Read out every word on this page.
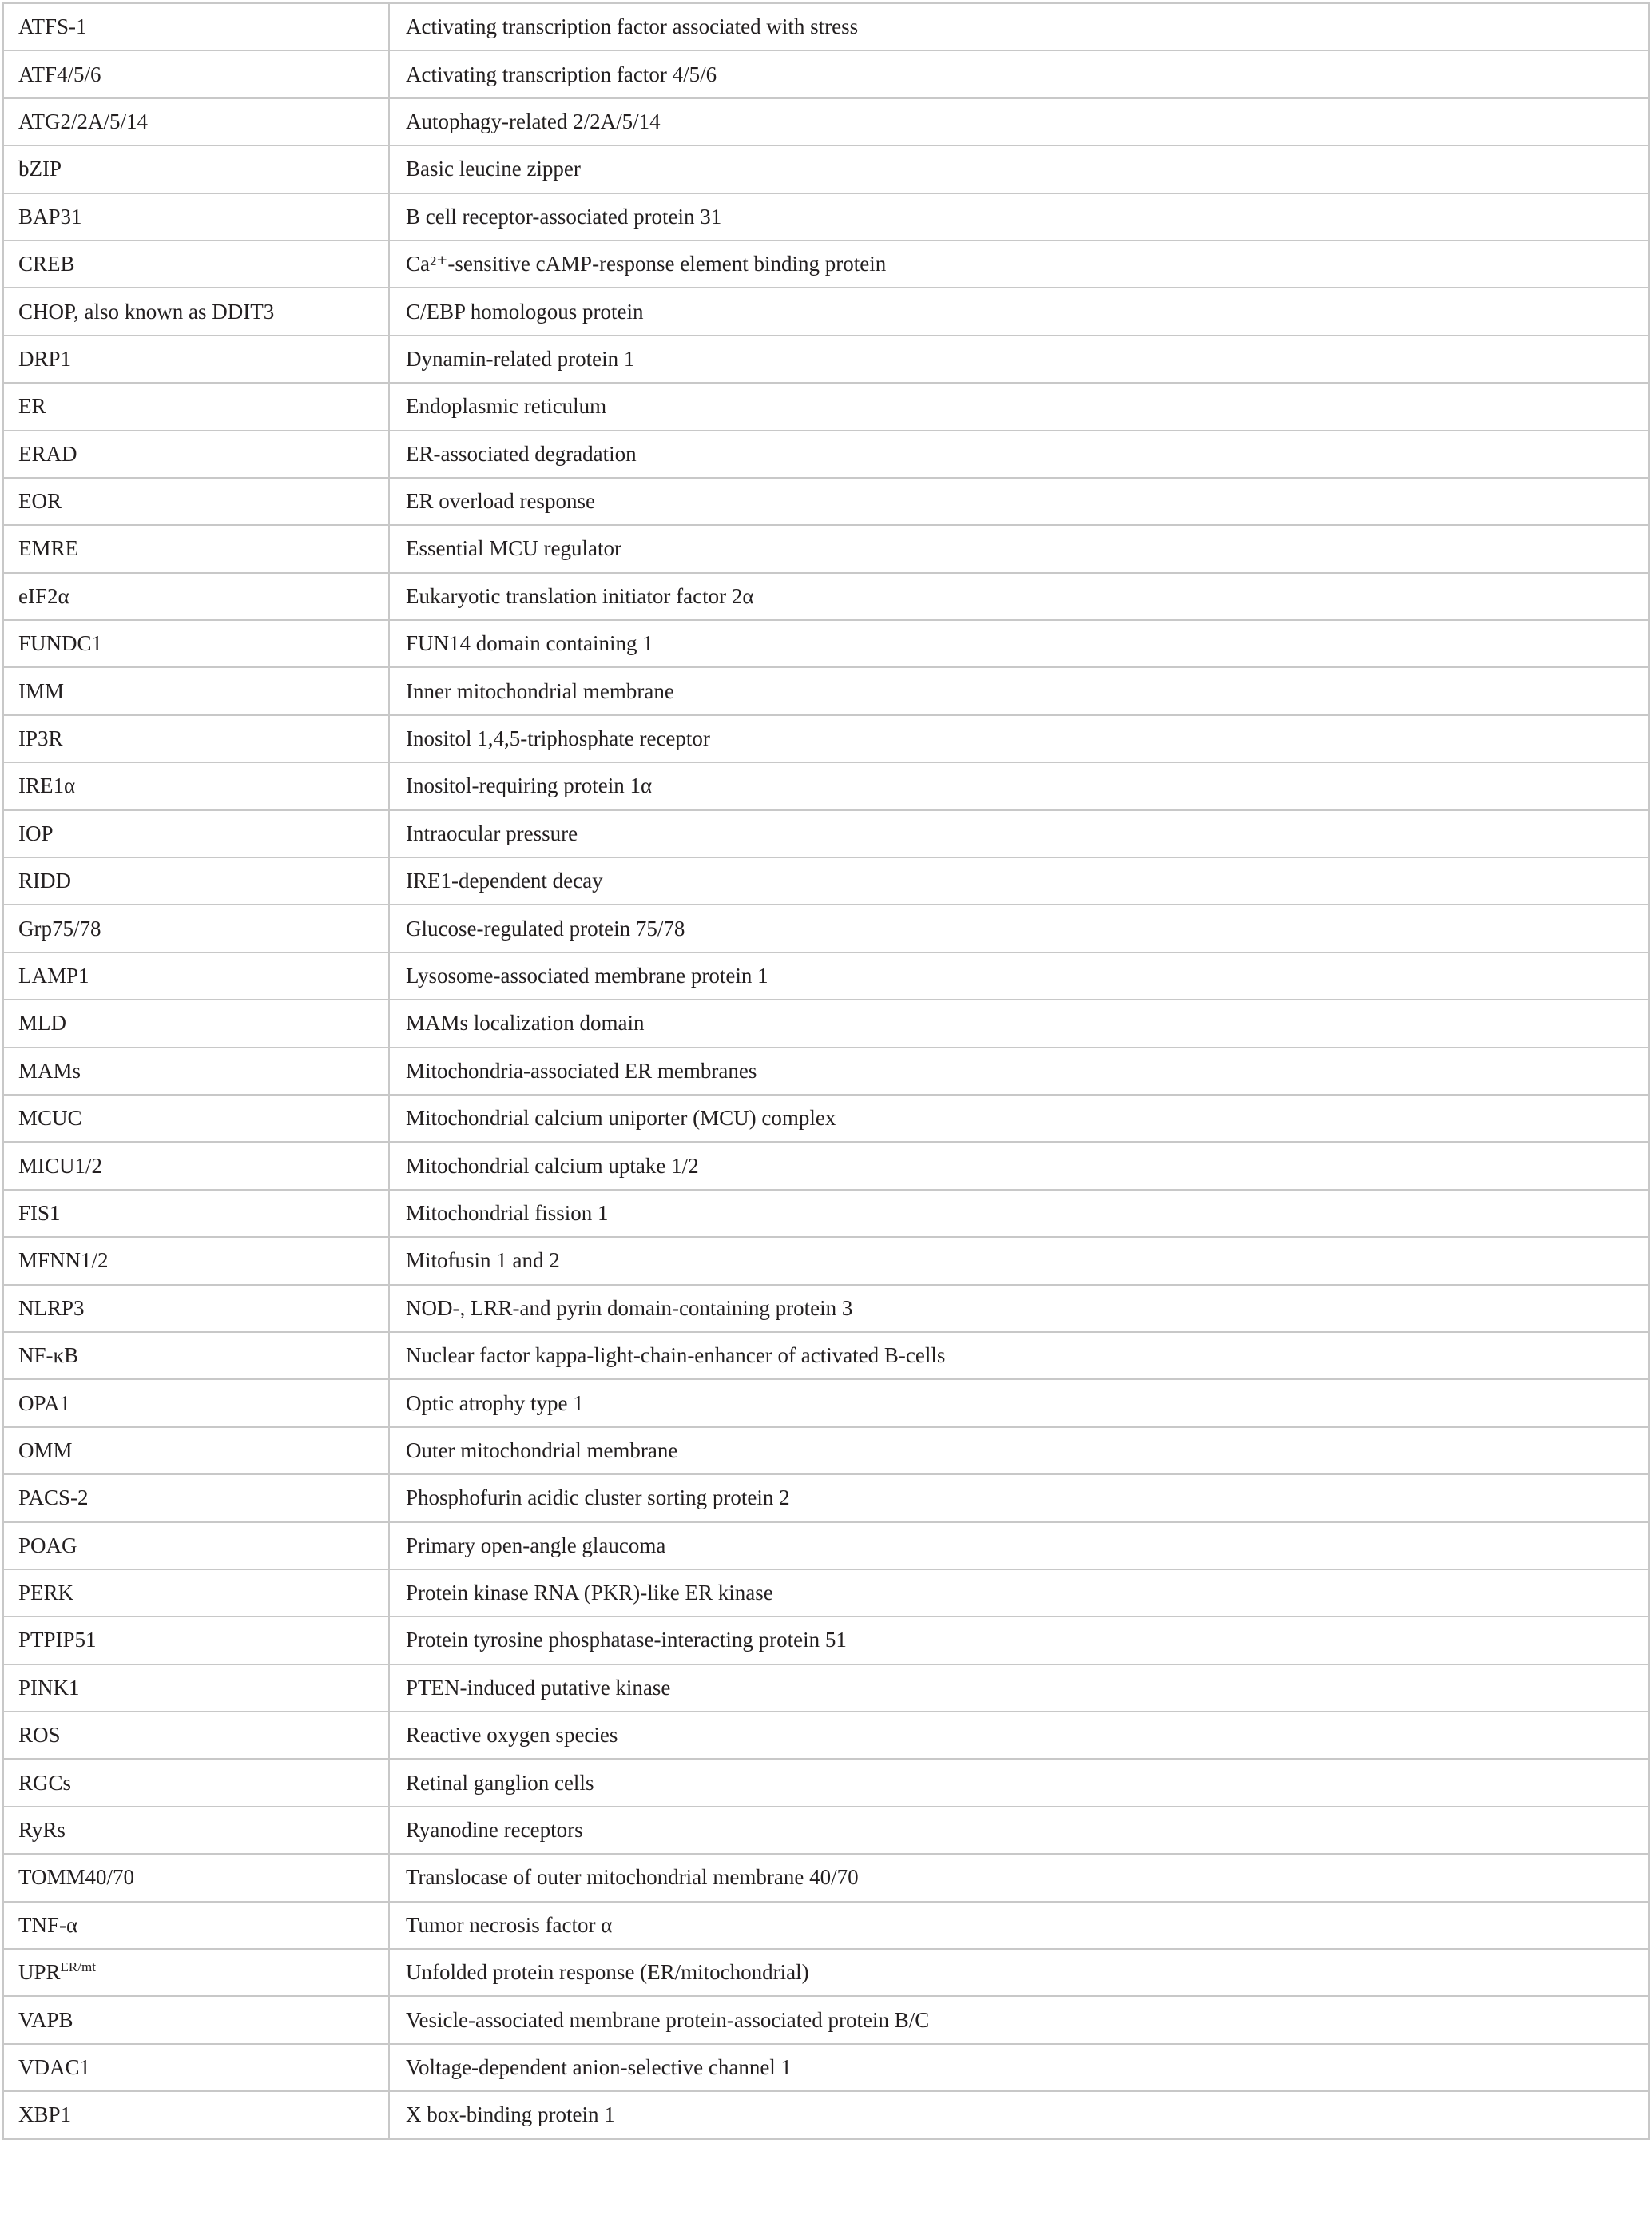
ATFS-1	Activating transcription factor associated with stress
ATF4/5/6	Activating transcription factor 4/5/6
ATG2/2A/5/14	Autophagy-related 2/2A/5/14
bZIP	Basic leucine zipper
BAP31	B cell receptor-associated protein 31
CREB	Ca²⁺-sensitive cAMP-response element binding protein
CHOP, also known as DDIT3	C/EBP homologous protein
DRP1	Dynamin-related protein 1
ER	Endoplasmic reticulum
ERAD	ER-associated degradation
EOR	ER overload response
EMRE	Essential MCU regulator
eIF2α	Eukaryotic translation initiator factor 2α
FUNDC1	FUN14 domain containing 1
IMM	Inner mitochondrial membrane
IP3R	Inositol 1,4,5-triphosphate receptor
IRE1α	Inositol-requiring protein 1α
IOP	Intraocular pressure
RIDD	IRE1-dependent decay
Grp75/78	Glucose-regulated protein 75/78
LAMP1	Lysosome-associated membrane protein 1
MLD	MAMs localization domain
MAMs	Mitochondria-associated ER membranes
MCUC	Mitochondrial calcium uniporter (MCU) complex
MICU1/2	Mitochondrial calcium uptake 1/2
FIS1	Mitochondrial fission 1
MFNN1/2	Mitofusin 1 and 2
NLRP3	NOD-, LRR-and pyrin domain-containing protein 3
NF-κB	Nuclear factor kappa-light-chain-enhancer of activated B-cells
OPA1	Optic atrophy type 1
OMM	Outer mitochondrial membrane
PACS-2	Phosphofurin acidic cluster sorting protein 2
POAG	Primary open-angle glaucoma
PERK	Protein kinase RNA (PKR)-like ER kinase
PTPIP51	Protein tyrosine phosphatase-interacting protein 51
PINK1	PTEN-induced putative kinase
ROS	Reactive oxygen species
RGCs	Retinal ganglion cells
RyRs	Ryanodine receptors
TOMM40/70	Translocase of outer mitochondrial membrane 40/70
TNF-α	Tumor necrosis factor α
$UPR^{ER/mt}$	Unfolded protein response (ER/mitochondrial)
VAPB	Vesicle-associated membrane protein-associated protein B/C
VDAC1	Voltage-dependent anion-selective channel 1
XBP1	X box-binding protein 1
